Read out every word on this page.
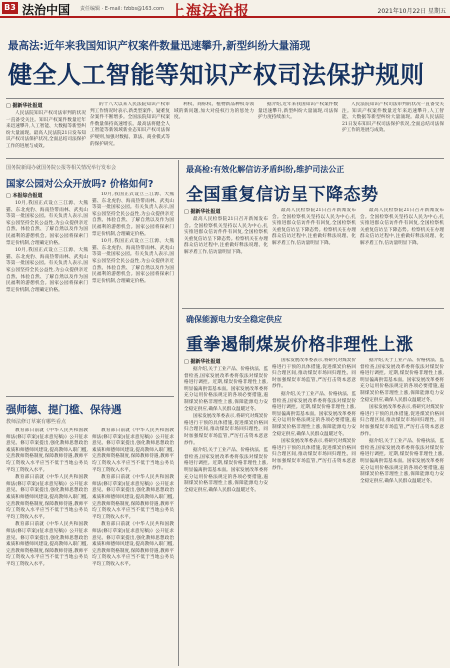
B3 法治中国 责任编辑 · E-mail: fzbbs@163.com 上海法治报	2021年10月22日 星期五
最高法:近年来我国知识产权案件数量迅速攀升,新型纠纷大量涌现
健全人工智能等知识产权司法保护规则
□ 据新华社报道

人民法院知识产权司法审判的状况一直备受关注。知识产权案件数量近年来迅速攀升,人工智能、大数据等新型纠纷大量涌现。最高人民法院21日发布知识产权司法保护状况,全面总结司法保护工作的进展与成效。

的十八大以来人民法院知识产权审判工作情况时表示,新类型案件、疑难复杂案件不断增多。全国法院知识产权案件数量保持高速增长。最高法将健全人工智能等新领域新业态知识产权司法保护规则,加强对数据、算法、商业模式等的保护研究。

利权、商标权、植物新品种权等领域的新问题,加大对侵权行为的惩处力度。

据介绍,近年来我国知识产权案件数量迅速攀升,新型纠纷大量涌现,司法保护力度持续加大。

人民法院知识产权司法审判的状况一直备受关注。知识产权案件数量近年来迅速攀升,人工智能、大数据等新型纠纷大量涌现。最高人民法院21日发布知识产权司法保护状况,全面总结司法保护工作的进展与成效。

国务院新闻办就国务院公报等相关情况举行发布会
国家公园对公众开放吗? 价格如何?
□ 本报综合报道

10月,我国正式设立三江源、大熊猫、东北虎豹、海南热带雨林、武夷山等第一批国家公园。有关负责人表示,国家公园坚持全民公益性,为公众提供亲近自然、体验自然、了解自然以及作为国民福利的游憩机会。国家公园将探索门票定价机制,合理确定价格。

10月,我国正式设立三江源、大熊猫、东北虎豹、海南热带雨林、武夷山等第一批国家公园。有关负责人表示,国家公园坚持全民公益性,为公众提供亲近自然、体验自然、了解自然以及作为国民福利的游憩机会。国家公园将探索门票定价机制,合理确定价格。

10月,我国正式设立三江源、大熊猫、东北虎豹、海南热带雨林、武夷山等第一批国家公园。有关负责人表示,国家公园坚持全民公益性,为公众提供亲近自然、体验自然、了解自然以及作为国民福利的游憩机会。国家公园将探索门票定价机制,合理确定价格。

10月,我国正式设立三江源、大熊猫、东北虎豹、海南热带雨林、武夷山等第一批国家公园。有关负责人表示,国家公园坚持全民公益性,为公众提供亲近自然、体验自然、了解自然以及作为国民福利的游憩机会。国家公园将探索门票定价机制,合理确定价格。

强师德、提门槛、保待遇
教师法修订草案有哪些看点

教育部日前就《中华人民共和国教师法(修订草案)(征求意见稿)》公开征求意见。修订草案提出,强化教师思想政治素质和师德师风建设,提高教师入职门槛,完善教师资格制度,保障教师待遇,教师平均工资收入水平应当不低于当地公务员平均工资收入水平。

教育部日前就《中华人民共和国教师法(修订草案)(征求意见稿)》公开征求意见。修订草案提出,强化教师思想政治素质和师德师风建设,提高教师入职门槛,完善教师资格制度,保障教师待遇,教师平均工资收入水平应当不低于当地公务员平均工资收入水平。

教育部日前就《中华人民共和国教师法(修订草案)(征求意见稿)》公开征求意见。修订草案提出,强化教师思想政治素质和师德师风建设,提高教师入职门槛,完善教师资格制度,保障教师待遇,教师平均工资收入水平应当不低于当地公务员平均工资收入水平。

教育部日前就《中华人民共和国教师法(修订草案)(征求意见稿)》公开征求意见。修订草案提出,强化教师思想政治素质和师德师风建设,提高教师入职门槛,完善教师资格制度,保障教师待遇,教师平均工资收入水平应当不低于当地公务员平均工资收入水平。

教育部日前就《中华人民共和国教师法(修订草案)(征求意见稿)》公开征求意见。修订草案提出,强化教师思想政治素质和师德师风建设,提高教师入职门槛,完善教师资格制度,保障教师待遇,教师平均工资收入水平应当不低于当地公务员平均工资收入水平。

教育部日前就《中华人民共和国教师法(修订草案)(征求意见稿)》公开征求意见。修订草案提出,强化教师思想政治素质和师德师风建设,提高教师入职门槛,完善教师资格制度,保障教师待遇,教师平均工资收入水平应当不低于当地公务员平均工资收入水平。

最高检:有效化解信访矛盾纠纷,维护司法公正
全国重复信访呈下降态势
□ 据新华社报道

最高人民检察院21日召开新闻发布会。全国检察机关坚持以人民为中心,扎实推进群众信访件件有回复,全国检察机关重复信访呈下降态势。检察机关在办理群众信访过程中,注重做好释法说理、化解矛盾工作,信访量明显下降。

最高人民检察院21日召开新闻发布会。全国检察机关坚持以人民为中心,扎实推进群众信访件件有回复,全国检察机关重复信访呈下降态势。检察机关在办理群众信访过程中,注重做好释法说理、化解矛盾工作,信访量明显下降。

最高人民检察院21日召开新闻发布会。全国检察机关坚持以人民为中心,扎实推进群众信访件件有回复,全国检察机关重复信访呈下降态势。检察机关在办理群众信访过程中,注重做好释法说理、化解矛盾工作,信访量明显下降。

确保能源电力安全稳定供应
重拳遏制煤炭价格非理性上涨
□ 据新华社报道

据介绍,关于工业产品、价格执法、监督检查,国家发展改革委将依法对煤炭价格进行调控。近期,煤炭价格非理性上涨,明显偏离供需基本面。国家发展改革委将充分运用价格法规定的各项必要措施,遏制煤炭价格非理性上涨,保障能源电力安全稳定供应,确保人民群众温暖过冬。

国家发展改革委表示,将研究对煤炭价格进行干预的具体措施,促进煤炭价格回归合理区间,推动煤炭市场回归理性。同时加强煤炭市场监管,严厉打击资本恶意炒作。

据介绍,关于工业产品、价格执法、监督检查,国家发展改革委将依法对煤炭价格进行调控。近期,煤炭价格非理性上涨,明显偏离供需基本面。国家发展改革委将充分运用价格法规定的各项必要措施,遏制煤炭价格非理性上涨,保障能源电力安全稳定供应,确保人民群众温暖过冬。

国家发展改革委表示,将研究对煤炭价格进行干预的具体措施,促进煤炭价格回归合理区间,推动煤炭市场回归理性。同时加强煤炭市场监管,严厉打击资本恶意炒作。

据介绍,关于工业产品、价格执法、监督检查,国家发展改革委将依法对煤炭价格进行调控。近期,煤炭价格非理性上涨,明显偏离供需基本面。国家发展改革委将充分运用价格法规定的各项必要措施,遏制煤炭价格非理性上涨,保障能源电力安全稳定供应,确保人民群众温暖过冬。

国家发展改革委表示,将研究对煤炭价格进行干预的具体措施,促进煤炭价格回归合理区间,推动煤炭市场回归理性。同时加强煤炭市场监管,严厉打击资本恶意炒作。

据介绍,关于工业产品、价格执法、监督检查,国家发展改革委将依法对煤炭价格进行调控。近期,煤炭价格非理性上涨,明显偏离供需基本面。国家发展改革委将充分运用价格法规定的各项必要措施,遏制煤炭价格非理性上涨,保障能源电力安全稳定供应,确保人民群众温暖过冬。

国家发展改革委表示,将研究对煤炭价格进行干预的具体措施,促进煤炭价格回归合理区间,推动煤炭市场回归理性。同时加强煤炭市场监管,严厉打击资本恶意炒作。

据介绍,关于工业产品、价格执法、监督检查,国家发展改革委将依法对煤炭价格进行调控。近期,煤炭价格非理性上涨,明显偏离供需基本面。国家发展改革委将充分运用价格法规定的各项必要措施,遏制煤炭价格非理性上涨,保障能源电力安全稳定供应,确保人民群众温暖过冬。
